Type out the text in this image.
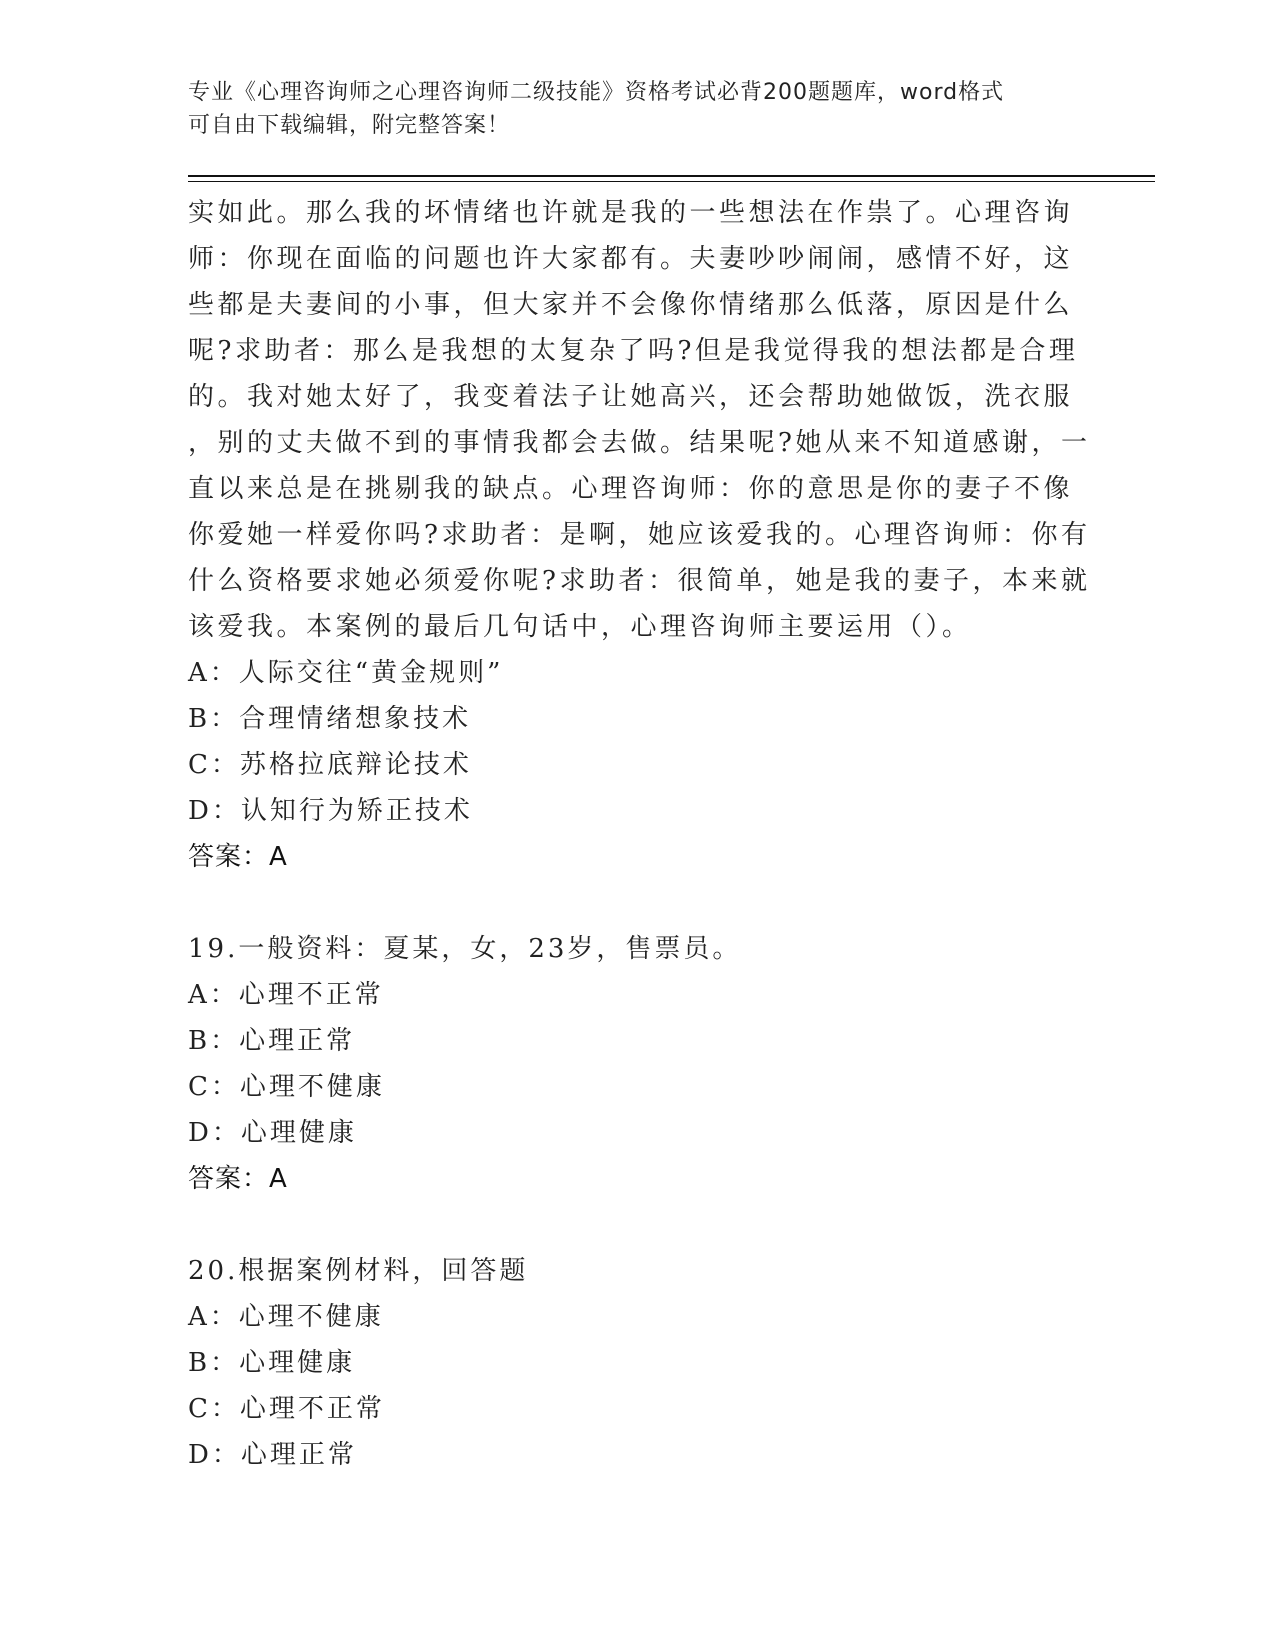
专业《心理咨询师之心理咨询师二级技能》资格考试必背200题题库，word格式
可自由下载编辑，附完整答案！
实如此。那么我的坏情绪也许就是我的一些想法在作祟了。心理咨询
师：你现在面临的问题也许大家都有。夫妻吵吵闹闹，感情不好，这
些都是夫妻间的小事，但大家并不会像你情绪那么低落，原因是什么
呢?求助者：那么是我想的太复杂了吗?但是我觉得我的想法都是合理
的。我对她太好了，我变着法子让她高兴，还会帮助她做饭，洗衣服
，别的丈夫做不到的事情我都会去做。结果呢?她从来不知道感谢，一
直以来总是在挑剔我的缺点。心理咨询师：你的意思是你的妻子不像
你爱她一样爱你吗?求助者：是啊，她应该爱我的。心理咨询师：你有
什么资格要求她必须爱你呢?求助者：很简单，她是我的妻子，本来就
该爱我。本案例的最后几句话中，心理咨询师主要运用（）。
A：人际交往“黄金规则”
B：合理情绪想象技术
C：苏格拉底辩论技术
D：认知行为矫正技术
答案：A
19.一般资料：夏某，女，23岁，售票员。
A：心理不正常
B：心理正常
C：心理不健康
D：心理健康
答案：A
20.根据案例材料，回答题
A：心理不健康
B：心理健康
C：心理不正常
D：心理正常
